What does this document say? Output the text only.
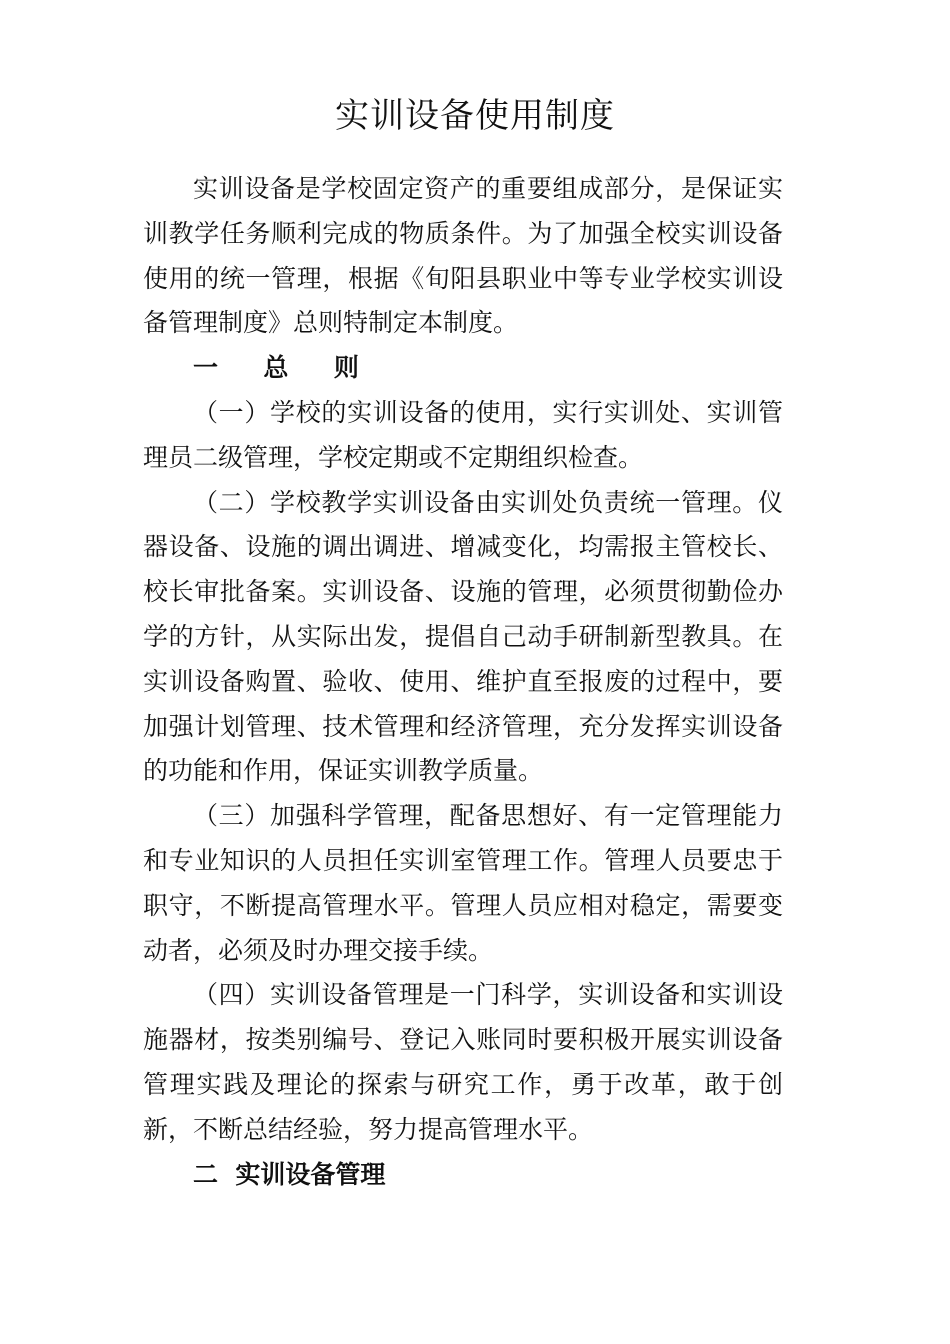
实训设备使用制度

实训设备是学校固定资产的重要组成部分，是保证实训教学任务顺利完成的物质条件。为了加强全校实训设备使用的统一管理，根据《旬阳县职业中等专业学校实训设备管理制度》总则特制定本制度。

一  总  则

（一）学校的实训设备的使用，实行实训处、实训管理员二级管理，学校定期或不定期组织检查。

（二）学校教学实训设备由实训处负责统一管理。仪器设备、设施的调出调进、增减变化，均需报主管校长、校长审批备案。实训设备、设施的管理，必须贯彻勤俭办学的方针，从实际出发，提倡自己动手研制新型教具。在实训设备购置、验收、使用、维护直至报废的过程中，要加强计划管理、技术管理和经济管理，充分发挥实训设备的功能和作用，保证实训教学质量。

（三）加强科学管理，配备思想好、有一定管理能力和专业知识的人员担任实训室管理工作。管理人员要忠于职守，不断提高管理水平。管理人员应相对稳定，需要变动者，必须及时办理交接手续。

（四）实训设备管理是一门科学，实训设备和实训设施器材，按类别编号、登记入账同时要积极开展实训设备管理实践及理论的探索与研究工作，勇于改革，敢于创新，不断总结经验，努力提高管理水平。

二  实训设备管理
